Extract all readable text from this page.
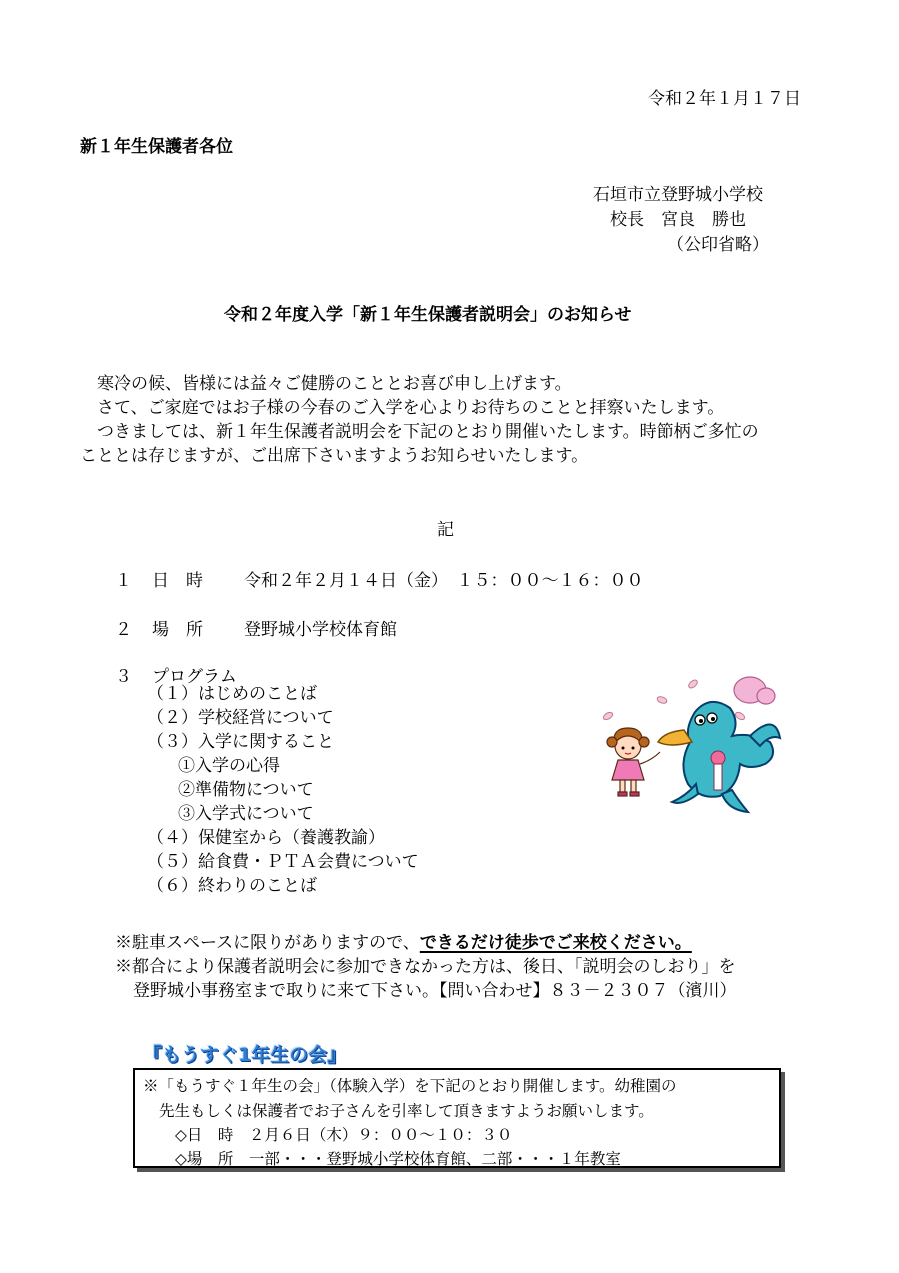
令和２年１月１７日
新１年生保護者各位
石垣市立登野城小学校
校長　宮良　勝也
（公印省略）
令和２年度入学「新１年生保護者説明会」のお知らせ
寒冷の候、皆様には益々ご健勝のこととお喜び申し上げます。
さて、ご家庭ではお子様の今春のご入学を心よりお待ちのことと拝察いたします。
つきましては、新１年生保護者説明会を下記のとおり開催いたします。時節柄ご多忙の
こととは存じますが、ご出席下さいますようお知らせいたします。
記
１ 日　時 令和２年２月１４日（金）　１５：００～１６：００
２ 場　所 登野城小学校体育館
３ プログラム
（１）はじめのことば
（２）学校経営について
（３）入学に関すること
①入学の心得
②準備物について
③入学式について
（４）保健室から（養護教諭）
（５）給食費・ＰＴＡ会費について
（６）終わりのことば
※駐車スペースに限りがありますので、できるだけ徒歩でご来校ください。
※都合により保護者説明会に参加できなかった方は、後日、「説明会のしおり」を
登野城小事務室まで取りに来て下さい。【問い合わせ】８３－２３０７（濱川）
『もうすぐ1年生の会』
※「もうすぐ１年生の会」（体験入学）を下記のとおり開催します。幼稚園の
先生もしくは保護者でお子さんを引率して頂きますようお願いします。
◇日　時　２月６日（木）９：００～１０：３０
◇場　所　一部・・・登野城小学校体育館、二部・・・１年教室
